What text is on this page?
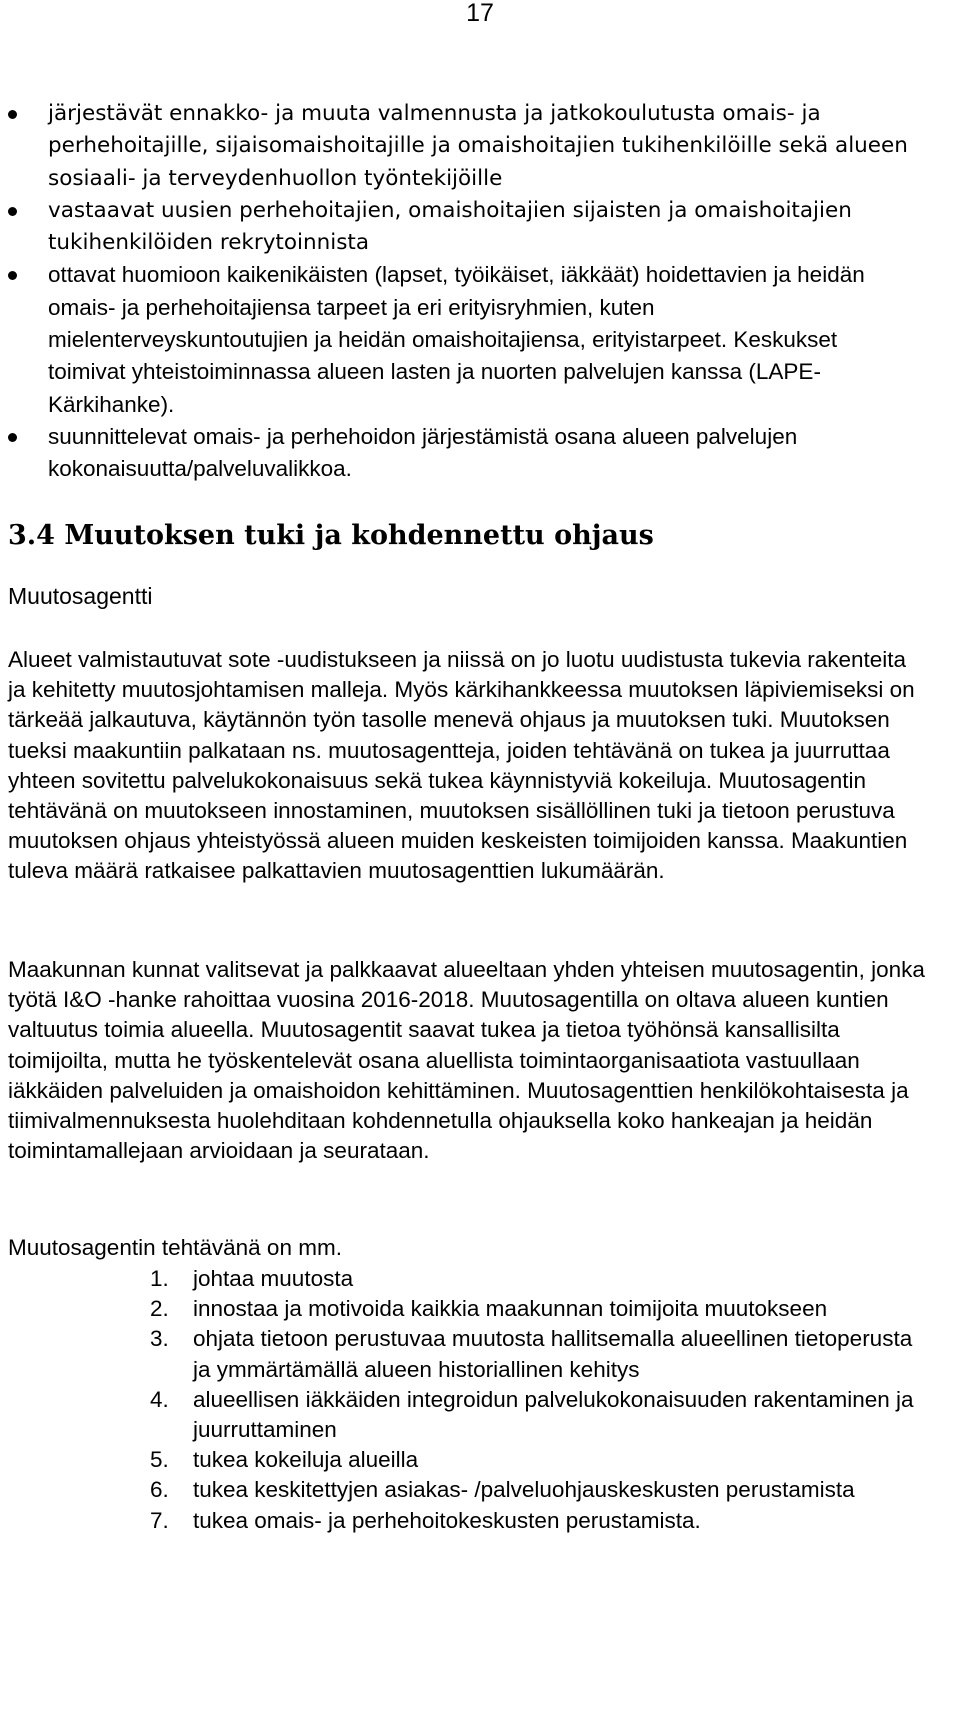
17
järjestävät ennakko- ja muuta valmennusta ja jatkokoulutusta omais- ja perhehoitajille, sijaisomaishoitajille ja omaishoitajien tukihenkilöille sekä alueen sosiaali- ja terveydenhuollon työntekijöille
vastaavat uusien perhehoitajien, omaishoitajien sijaisten ja omaishoitajien tukihenkilöiden rekrytoinnista
ottavat huomioon kaikenikäisten (lapset, työikäiset, iäkkäät) hoidettavien ja heidän omais- ja perhehoitajiensa tarpeet ja eri erityisryhmien, kuten mielenterveyskuntoutujien ja heidän omaishoitajiensa, erityistarpeet. Keskukset toimivat yhteistoiminnassa alueen lasten ja nuorten palvelujen kanssa (LAPE-Kärkihanke).
suunnittelevat omais- ja perhehoidon järjestämistä osana alueen palvelujen kokonaisuutta/palveluvalikkoa.
3.4 Muutoksen tuki ja kohdennettu ohjaus
Muutosagentti
Alueet valmistautuvat sote -uudistukseen ja niissä on jo luotu uudistusta tukevia rakenteita ja kehitetty muutosjohtamisen malleja. Myös kärkihankkeessa muutoksen läpiviemiseksi on tärkeää jalkautuva, käytännön työn tasolle menevä ohjaus ja muutoksen tuki. Muutoksen tueksi maakuntiin palkataan ns. muutosagentteja, joiden tehtävänä on tukea ja juurruttaa yhteen sovitettu palvelukokonaisuus sekä tukea käynnistyviä kokeiluja. Muutosagentin tehtävänä on muutokseen innostaminen, muutoksen sisällöllinen tuki ja tietoon perustuva muutoksen ohjaus yhteistyössä alueen muiden keskeisten toimijoiden kanssa. Maakuntien tuleva määrä ratkaisee palkattavien muutosagenttien lukumäärän.
Maakunnan kunnat valitsevat ja palkkaavat alueeltaan yhden yhteisen muutosagentin, jonka työtä I&O -hanke rahoittaa vuosina 2016-2018. Muutosagentilla on oltava alueen kuntien valtuutus toimia alueella. Muutosagentit saavat tukea ja tietoa työhönsä kansallisilta toimijoilta, mutta he työskentelevät osana aluellista toimintaorganisaatiota vastuullaan iäkkäiden palveluiden ja omaishoidon kehittäminen. Muutosagenttien henkilökohtaisesta ja tiimivalmennuksesta huolehditaan kohdennetulla ohjauksella koko hankeajan ja heidän toimintamallejaan arvioidaan ja seurataan.
Muutosagentin tehtävänä on mm.
1. johtaa muutosta
2. innostaa ja motivoida kaikkia maakunnan toimijoita muutokseen
3. ohjata tietoon perustuvaa muutosta hallitsemalla alueellinen tietoperusta ja ymmärtämällä alueen historiallinen kehitys
4. alueellisen iäkkäiden integroidun palvelukokonaisuuden rakentaminen ja juurruttaminen
5. tukea kokeiluja alueilla
6. tukea keskitettyjen asiakas- /palveluohjauskeskusten perustamista
7. tukea omais- ja perhehoitokeskusten perustamista.
